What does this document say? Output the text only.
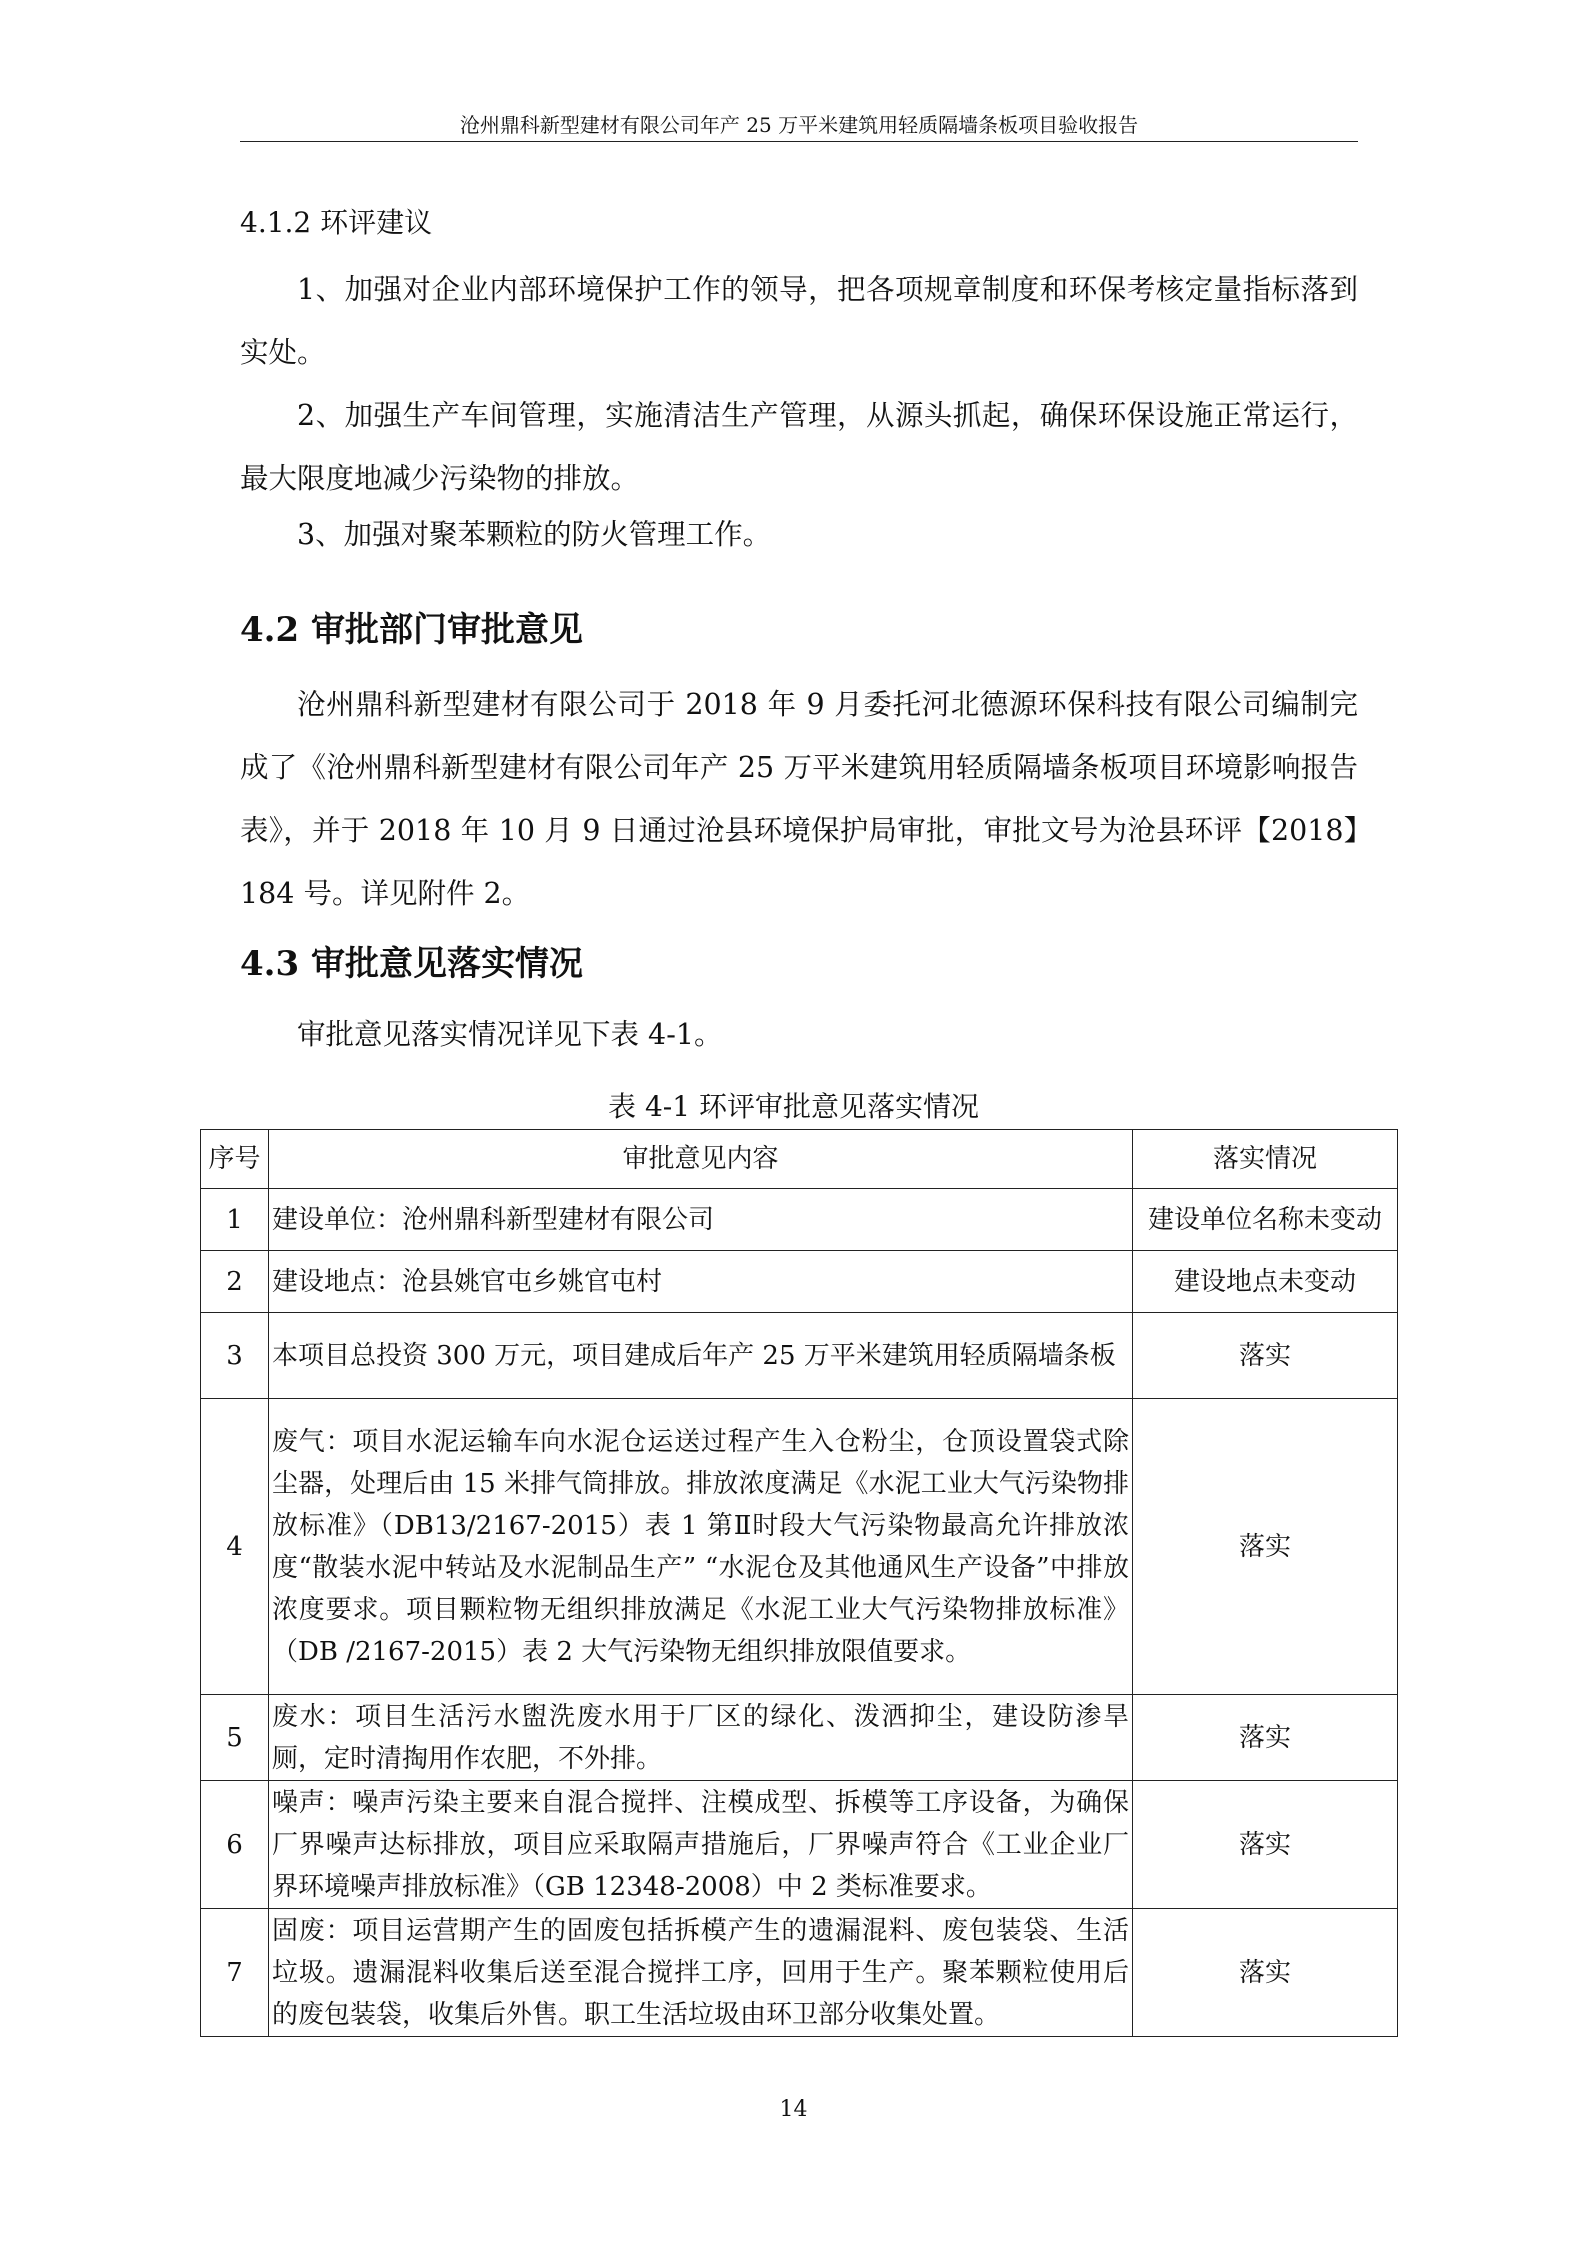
沧州鼎科新型建材有限公司年产 25 万平米建筑用轻质隔墙条板项目验收报告
4.1.2 环评建议
1、加强对企业内部环境保护工作的领导，把各项规章制度和环保考核定量指标落到实处。
2、加强生产车间管理，实施清洁生产管理，从源头抓起，确保环保设施正常运行，最大限度地减少污染物的排放。
3、加强对聚苯颗粒的防火管理工作。
4.2 审批部门审批意见
沧州鼎科新型建材有限公司于 2018 年 9 月委托河北德源环保科技有限公司编制完成了《沧州鼎科新型建材有限公司年产 25 万平米建筑用轻质隔墙条板项目环境影响报告表》，并于 2018 年 10 月 9 日通过沧县环境保护局审批，审批文号为沧县环评【2018】184 号。详见附件 2。
4.3 审批意见落实情况
审批意见落实情况详见下表 4-1。
表 4-1 环评审批意见落实情况
序号	审批意见内容	落实情况
1	建设单位：沧州鼎科新型建材有限公司	建设单位名称未变动
2	建设地点：沧县姚官屯乡姚官屯村	建设地点未变动
3	本项目总投资 300 万元，项目建成后年产 25 万平米建筑用轻质隔墙条板	落实
4	废气：项目水泥运输车向水泥仓运送过程产生入仓粉尘，仓顶设置袋式除尘器，处理后由 15 米排气筒排放。排放浓度满足《水泥工业大气污染物排放标准》（DB13/2167-2015）表 1 第Ⅱ时段大气污染物最高允许排放浓度“散装水泥中转站及水泥制品生产” “水泥仓及其他通风生产设备”中排放浓度要求。项目颗粒物无组织排放满足《水泥工业大气污染物排放标准》（DB /2167-2015）表 2 大气污染物无组织排放限值要求。	落实
5	废水：项目生活污水盥洗废水用于厂区的绿化、泼洒抑尘，建设防渗旱厕，定时清掏用作农肥，不外排。	落实
6	噪声：噪声污染主要来自混合搅拌、注模成型、拆模等工序设备，为确保厂界噪声达标排放，项目应采取隔声措施后，厂界噪声符合《工业企业厂界环境噪声排放标准》（GB 12348-2008）中 2 类标准要求。	落实
7	固废：项目运营期产生的固废包括拆模产生的遗漏混料、废包装袋、生活垃圾。遗漏混料收集后送至混合搅拌工序，回用于生产。聚苯颗粒使用后的废包装袋，收集后外售。职工生活垃圾由环卫部分收集处置。	落实
14
